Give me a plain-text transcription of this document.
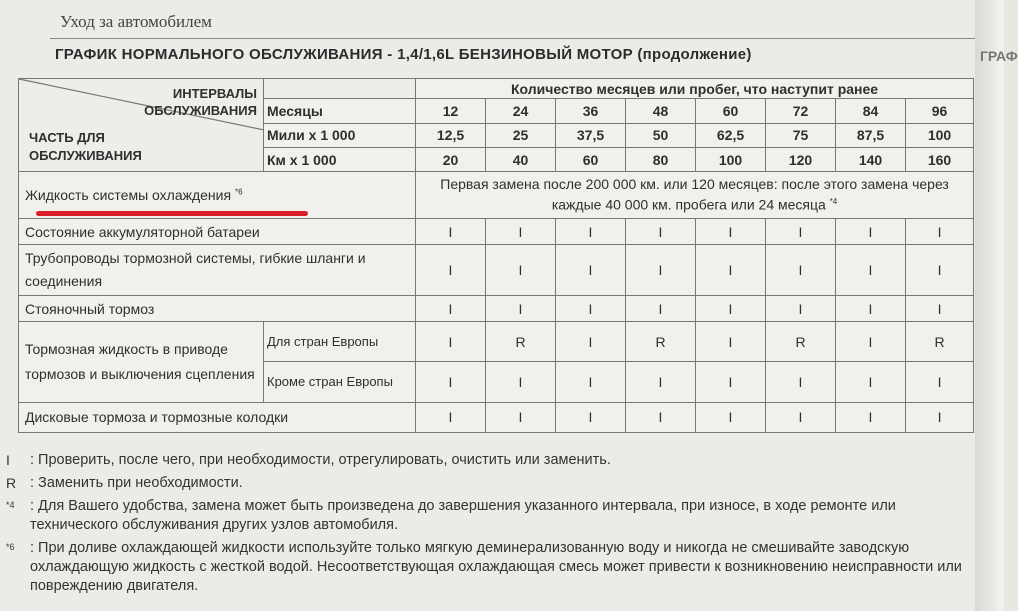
ГРАФ
Уход за автомобилем
ГРАФИК НОРМАЛЬНОГО ОБСЛУЖИВАНИЯ - 1,4/1,6L БЕНЗИНОВЫЙ МОТОР (продолжение)
ИНТЕРВАЛЫ ОБСЛУЖИВАНИЯ
ЧАСТЬ ДЛЯ ОБСЛУЖИВАНИЯ		Количество месяцев или пробег, что наступит ранее							
	Месяцы	12	24	36	48	60	72	84	96
	Мили x 1 000	12,5	25	37,5	50	62,5	75	87,5	100
	Км x 1 000	20	40	60	80	100	120	140	160
Жидкость системы охлаждения $^{*6}$		Первая замена после 200 000 км. или 120 месяцев: после этого замена через каждые 40 000 км. пробега или 24 месяца $^{*4}$
Состояние аккумуляторной батареи		I	I	I	I	I	I	I	I
Трубопроводы тормозной системы, гибкие шланги и соединения		I	I	I	I	I	I	I	I
Стояночный тормоз		I	I	I	I	I	I	I	I
Тормозная жидкость в приводе тормозов и выключения сцепления	Для стран Европы	I	R	I	R	I	R	I	R
	Кроме стран Европы	I	I	I	I	I	I	I	I
Дисковые тормоза и тормозные колодки		I	I	I	I	I	I	I	I
I : Проверить, после чего, при необходимости, отрегулировать, очистить или заменить.
R : Заменить при необходимости.
*4 : Для Вашего удобства, замена может быть произведена до завершения указанного интервала, при износе, в ходе ремонте или технического обслуживания других узлов автомобиля.
*6 : При доливе охлаждающей жидкости используйте только мягкую деминерализованную воду и никогда не смешивайте заводскую охлаждающую жидкость с жесткой водой. Несоответствующая охлаждающая смесь может привести к возникновению неисправности или повреждению двигателя.
